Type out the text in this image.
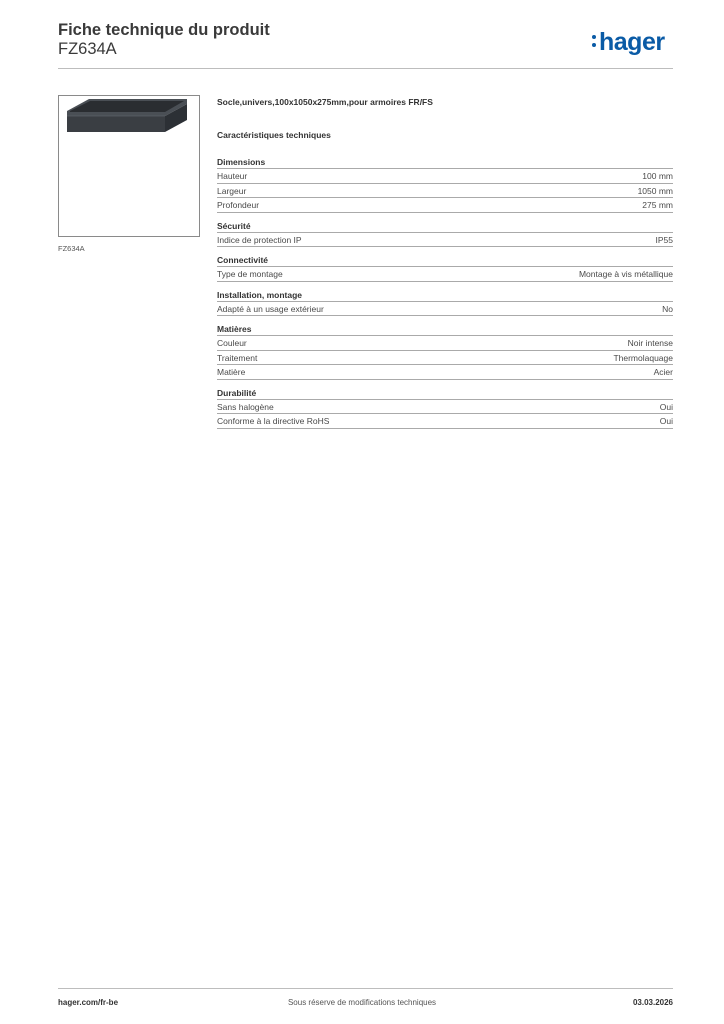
Fiche technique du produit
FZ634A	hager
FZ634A
Socle,univers,100x1050x275mm,pour armoires FR/FS
Caractéristiques techniques
Dimensions
Hauteur	100 mm
Largeur	1050 mm
Profondeur	275 mm
Sécurité
Indice de protection IP	IP55
Connectivité
Type de montage	Montage à vis métallique
Installation, montage
Adapté à un usage extérieur	No
Matières
Couleur	Noir intense
Traitement	Thermolaquage
Matière	Acier
Durabilité
Sans halogène	Oui
Conforme à la directive RoHS	Oui
hager.com/fr-be	Sous réserve de modifications techniques	03.03.2026
